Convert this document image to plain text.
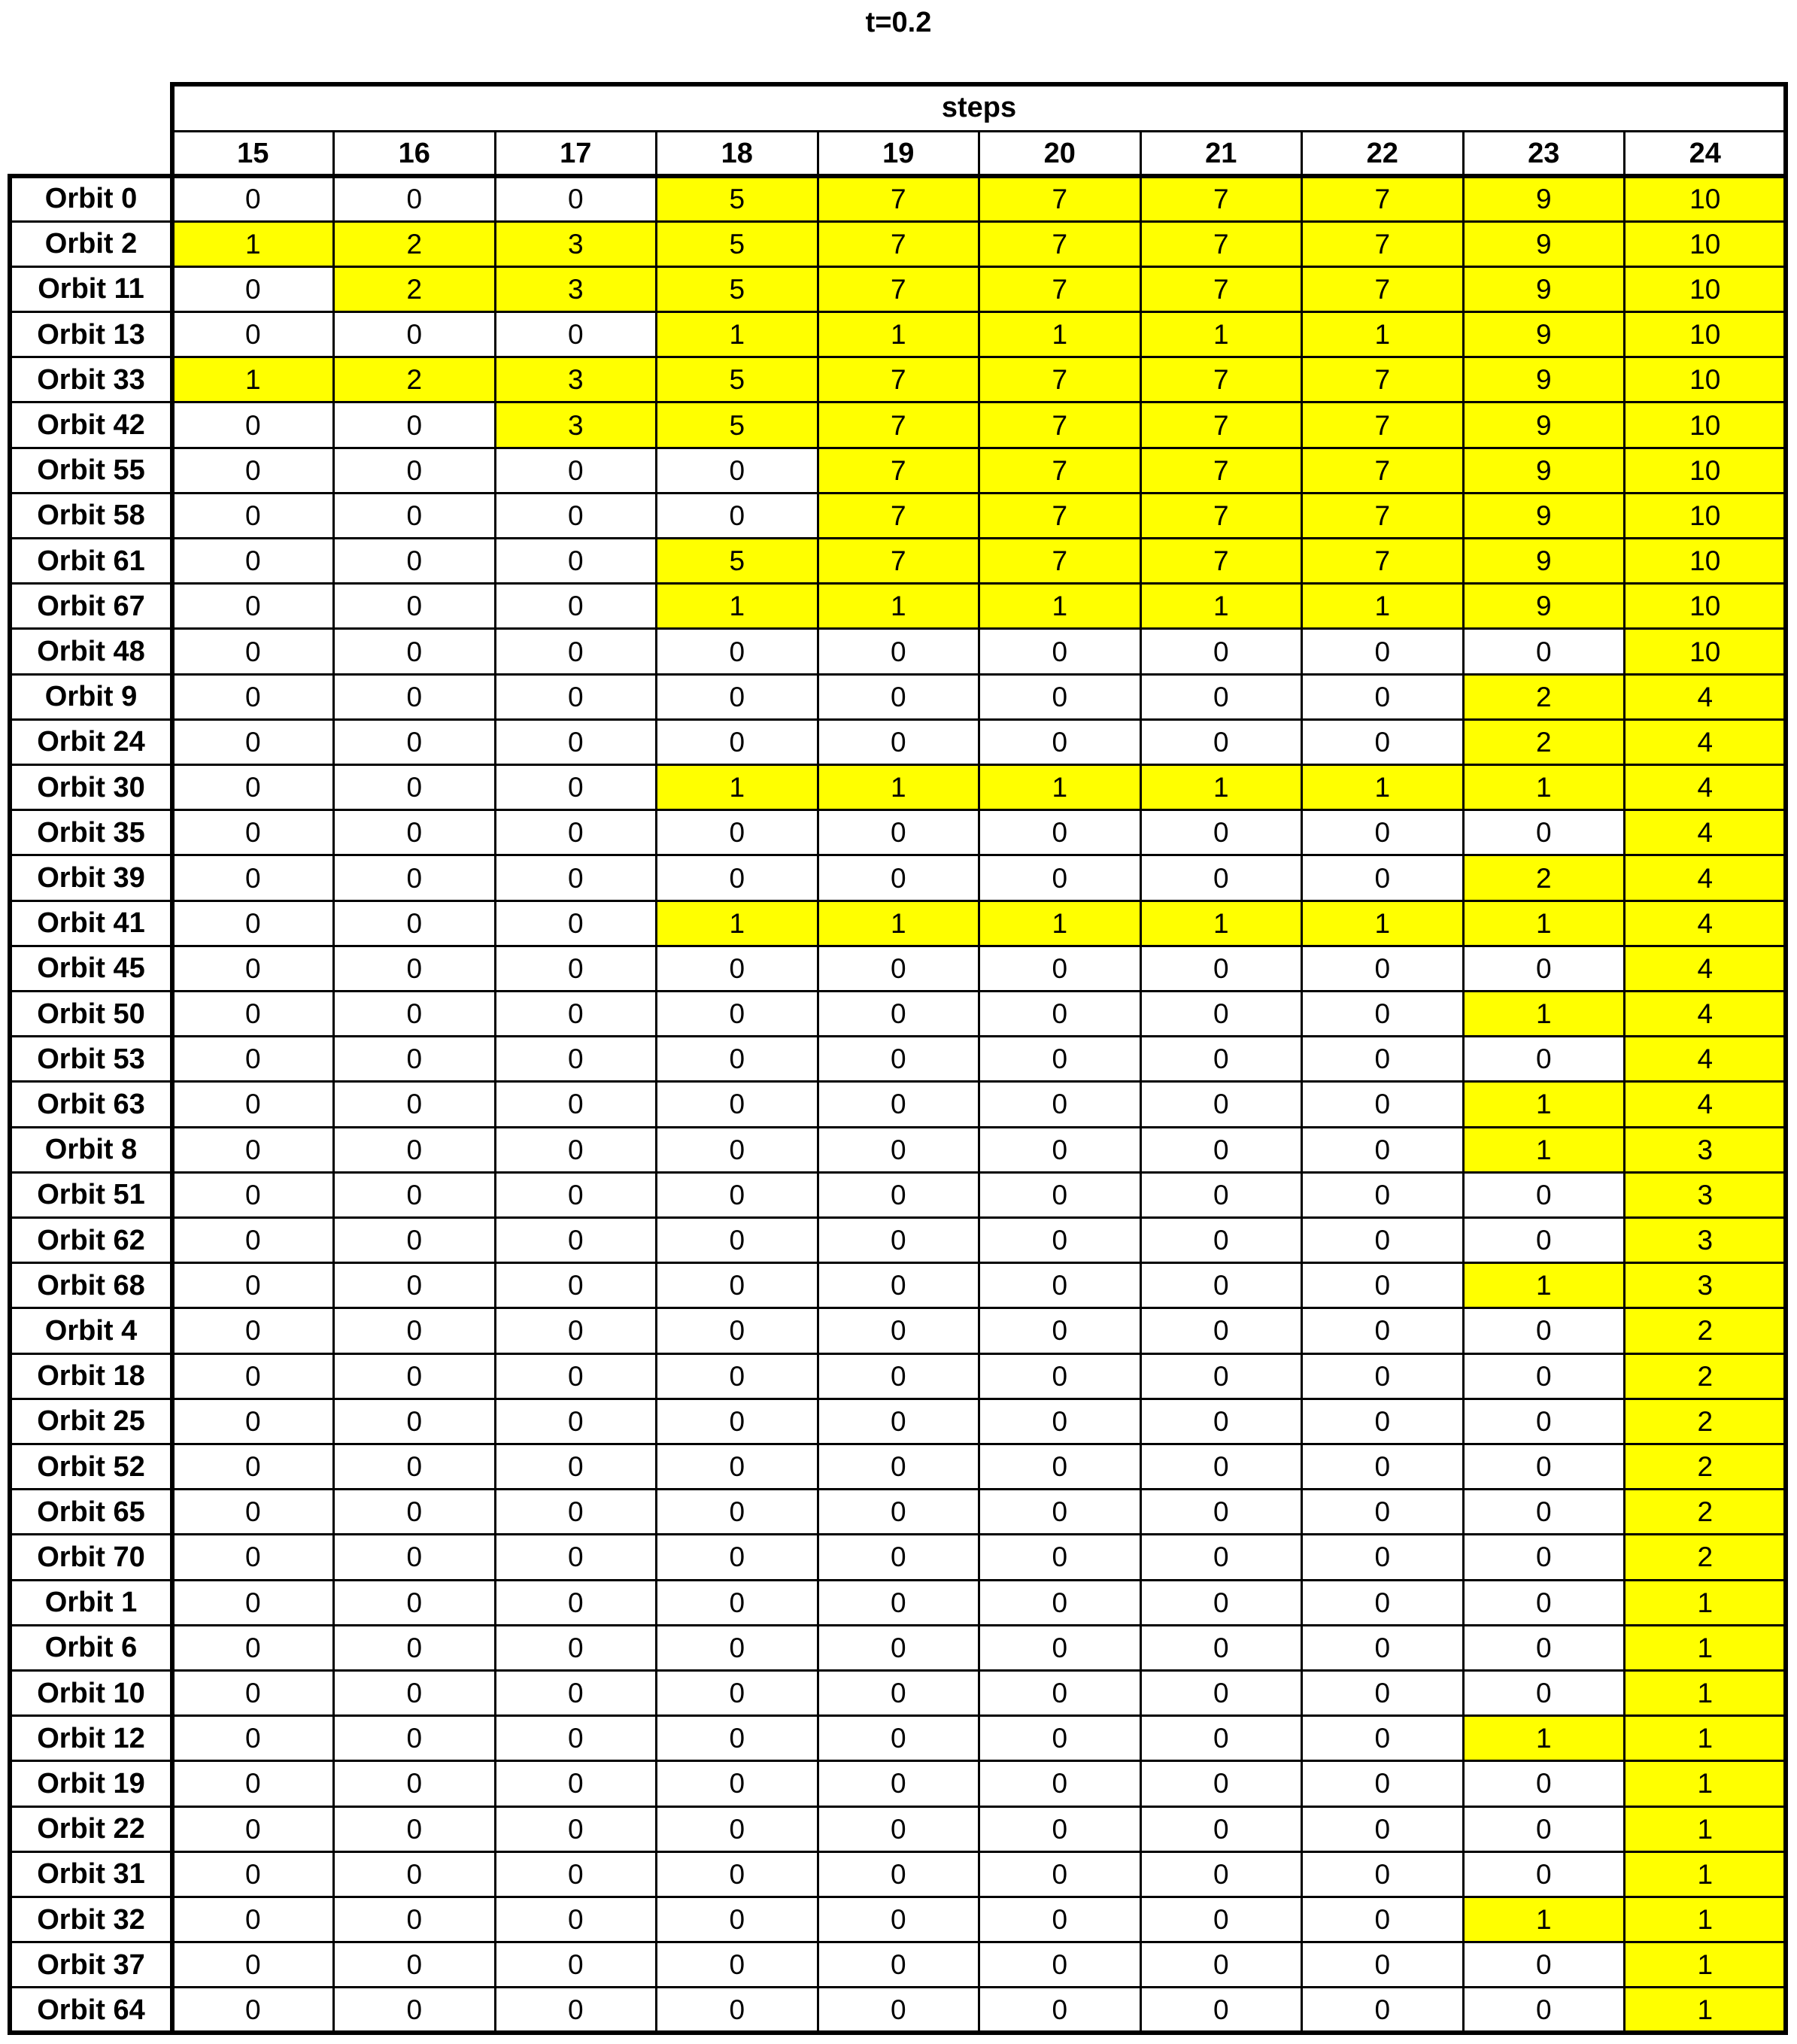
t=0.2
steps
15	16	17	18	19	20	21	22	23	24
Orbit 0	0	0	0	5	7	7	7	7	9	10
Orbit 2	1	2	3	5	7	7	7	7	9	10
Orbit 11	0	2	3	5	7	7	7	7	9	10
Orbit 13	0	0	0	1	1	1	1	1	9	10
Orbit 33	1	2	3	5	7	7	7	7	9	10
Orbit 42	0	0	3	5	7	7	7	7	9	10
Orbit 55	0	0	0	0	7	7	7	7	9	10
Orbit 58	0	0	0	0	7	7	7	7	9	10
Orbit 61	0	0	0	5	7	7	7	7	9	10
Orbit 67	0	0	0	1	1	1	1	1	9	10
Orbit 48	0	0	0	0	0	0	0	0	0	10
Orbit 9	0	0	0	0	0	0	0	0	2	4
Orbit 24	0	0	0	0	0	0	0	0	2	4
Orbit 30	0	0	0	1	1	1	1	1	1	4
Orbit 35	0	0	0	0	0	0	0	0	0	4
Orbit 39	0	0	0	0	0	0	0	0	2	4
Orbit 41	0	0	0	1	1	1	1	1	1	4
Orbit 45	0	0	0	0	0	0	0	0	0	4
Orbit 50	0	0	0	0	0	0	0	0	1	4
Orbit 53	0	0	0	0	0	0	0	0	0	4
Orbit 63	0	0	0	0	0	0	0	0	1	4
Orbit 8	0	0	0	0	0	0	0	0	1	3
Orbit 51	0	0	0	0	0	0	0	0	0	3
Orbit 62	0	0	0	0	0	0	0	0	0	3
Orbit 68	0	0	0	0	0	0	0	0	1	3
Orbit 4	0	0	0	0	0	0	0	0	0	2
Orbit 18	0	0	0	0	0	0	0	0	0	2
Orbit 25	0	0	0	0	0	0	0	0	0	2
Orbit 52	0	0	0	0	0	0	0	0	0	2
Orbit 65	0	0	0	0	0	0	0	0	0	2
Orbit 70	0	0	0	0	0	0	0	0	0	2
Orbit 1	0	0	0	0	0	0	0	0	0	1
Orbit 6	0	0	0	0	0	0	0	0	0	1
Orbit 10	0	0	0	0	0	0	0	0	0	1
Orbit 12	0	0	0	0	0	0	0	0	1	1
Orbit 19	0	0	0	0	0	0	0	0	0	1
Orbit 22	0	0	0	0	0	0	0	0	0	1
Orbit 31	0	0	0	0	0	0	0	0	0	1
Orbit 32	0	0	0	0	0	0	0	0	1	1
Orbit 37	0	0	0	0	0	0	0	0	0	1
Orbit 64	0	0	0	0	0	0	0	0	0	1
